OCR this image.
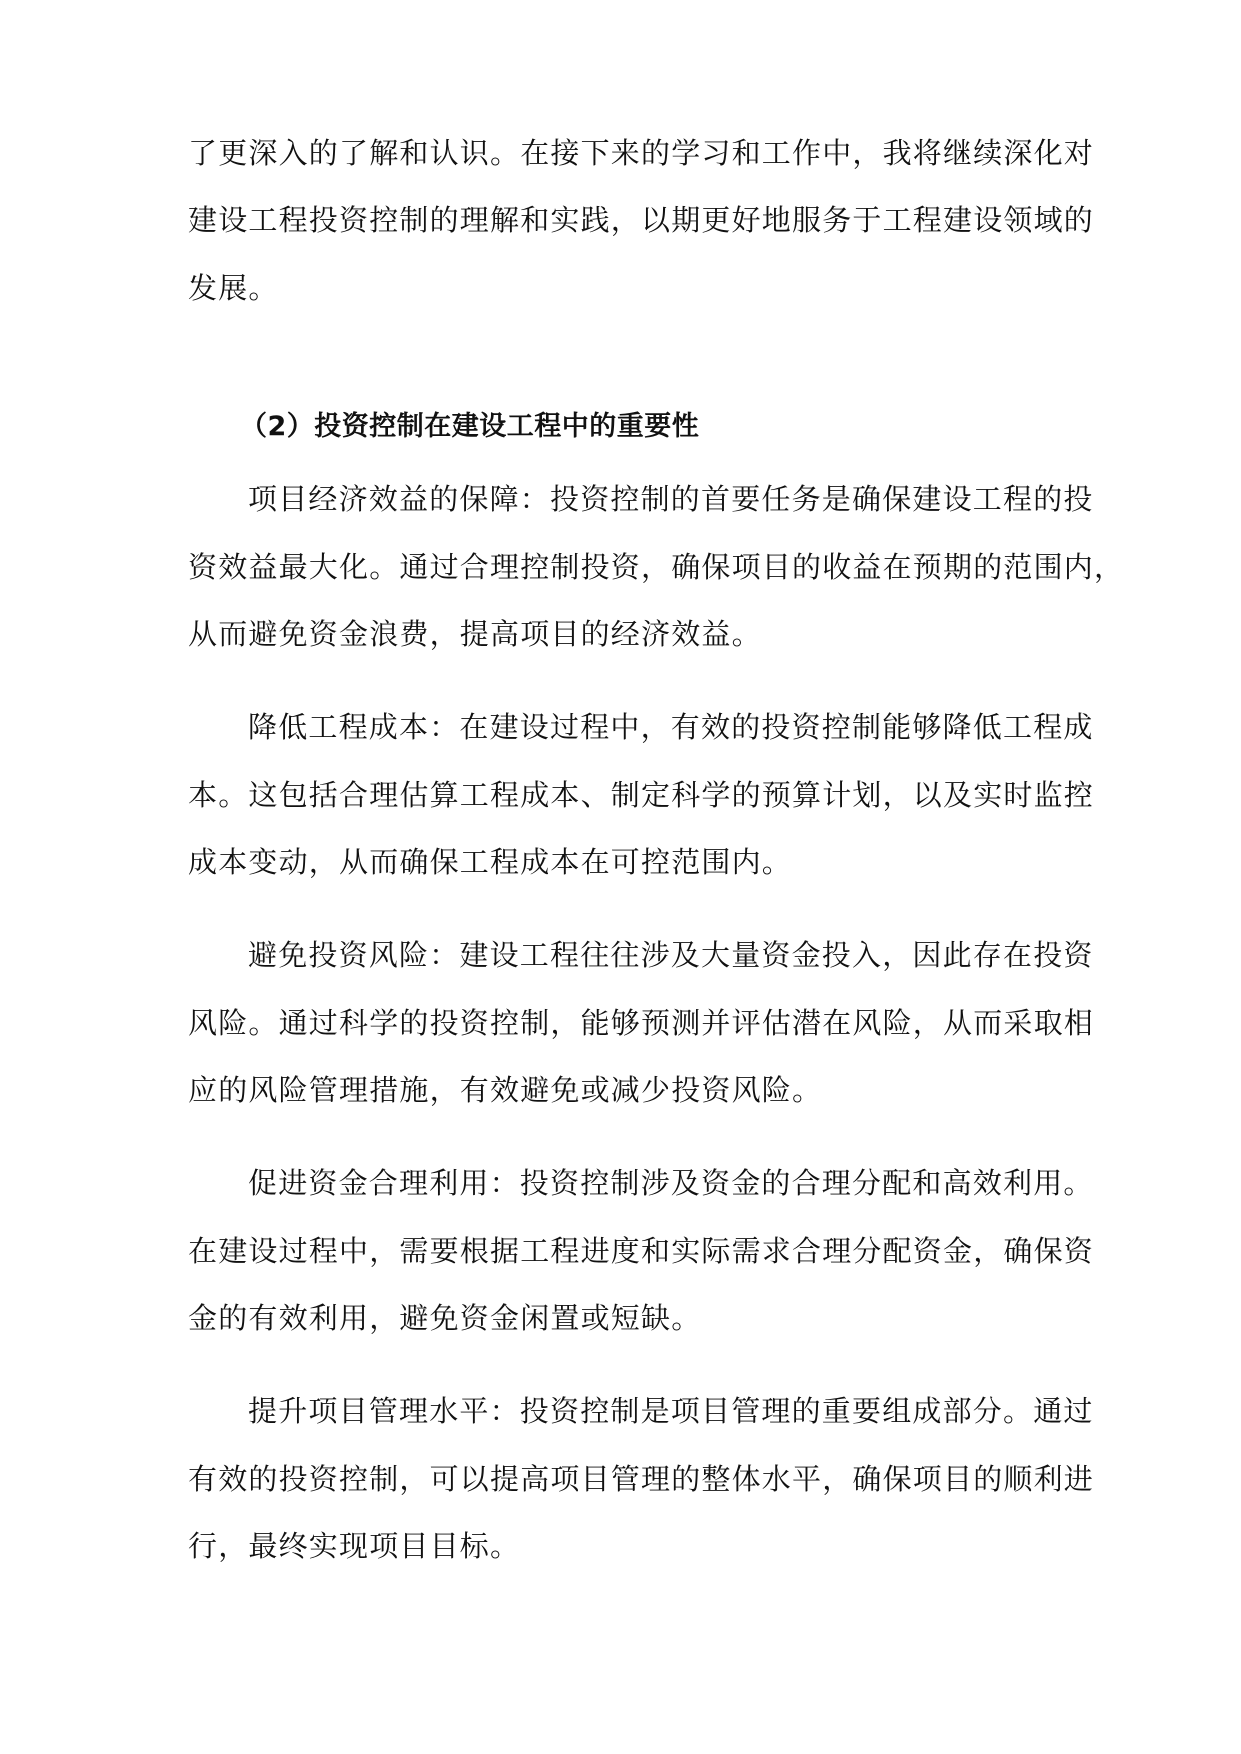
了更深入的了解和认识。在接下来的学习和工作中，我将继续深化对
建设工程投资控制的理解和实践，以期更好地服务于工程建设领域的
发展。
（2）投资控制在建设工程中的重要性
项目经济效益的保障：投资控制的首要任务是确保建设工程的投
资效益最大化。通过合理控制投资，确保项目的收益在预期的范围内，
从而避免资金浪费，提高项目的经济效益。
降低工程成本：在建设过程中，有效的投资控制能够降低工程成
本。这包括合理估算工程成本、制定科学的预算计划，以及实时监控
成本变动，从而确保工程成本在可控范围内。
避免投资风险：建设工程往往涉及大量资金投入，因此存在投资
风险。通过科学的投资控制，能够预测并评估潜在风险，从而采取相
应的风险管理措施，有效避免或减少投资风险。
促进资金合理利用：投资控制涉及资金的合理分配和高效利用。
在建设过程中，需要根据工程进度和实际需求合理分配资金，确保资
金的有效利用，避免资金闲置或短缺。
提升项目管理水平：投资控制是项目管理的重要组成部分。通过
有效的投资控制，可以提高项目管理的整体水平，确保项目的顺利进
行，最终实现项目目标。
